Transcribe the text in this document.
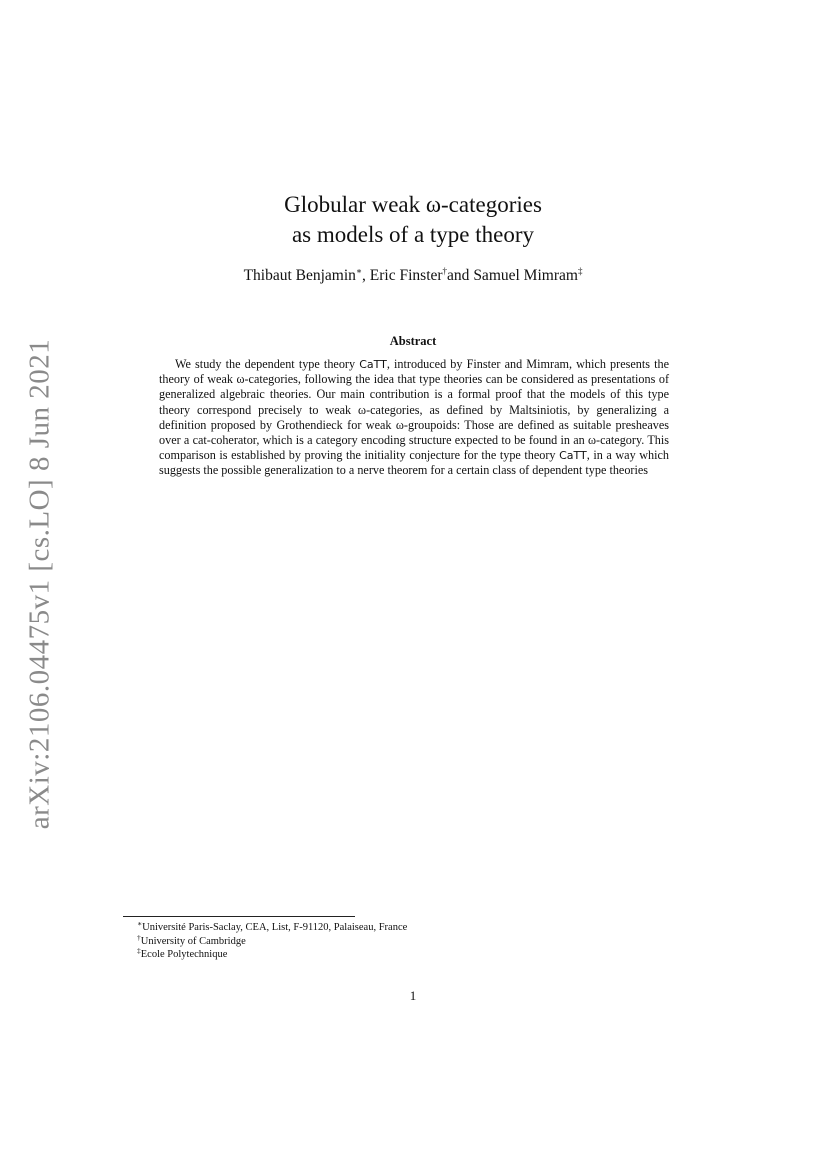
arXiv:2106.04475v1 [cs.LO] 8 Jun 2021
Globular weak ω-categories
as models of a type theory
Thibaut Benjamin∗, Eric Finster†and Samuel Mimram‡
Abstract
We study the dependent type theory CaTT, introduced by Finster and Mimram, which presents the theory of weak ω-categories, following the idea that type theories can be considered as presentations of generalized algebraic theories. Our main contribution is a formal proof that the models of this type theory correspond precisely to weak ω-categories, as defined by Maltsiniotis, by generalizing a definition proposed by Grothendieck for weak ω-groupoids: Those are defined as suitable presheaves over a cat-coherator, which is a category encoding structure expected to be found in an ω-category. This comparison is established by proving the initiality conjecture for the type theory CaTT, in a way which suggests the possible generalization to a nerve theorem for a certain class of dependent type theories
∗Université Paris-Saclay, CEA, List, F-91120, Palaiseau, France
†University of Cambridge
‡Ecole Polytechnique
1
